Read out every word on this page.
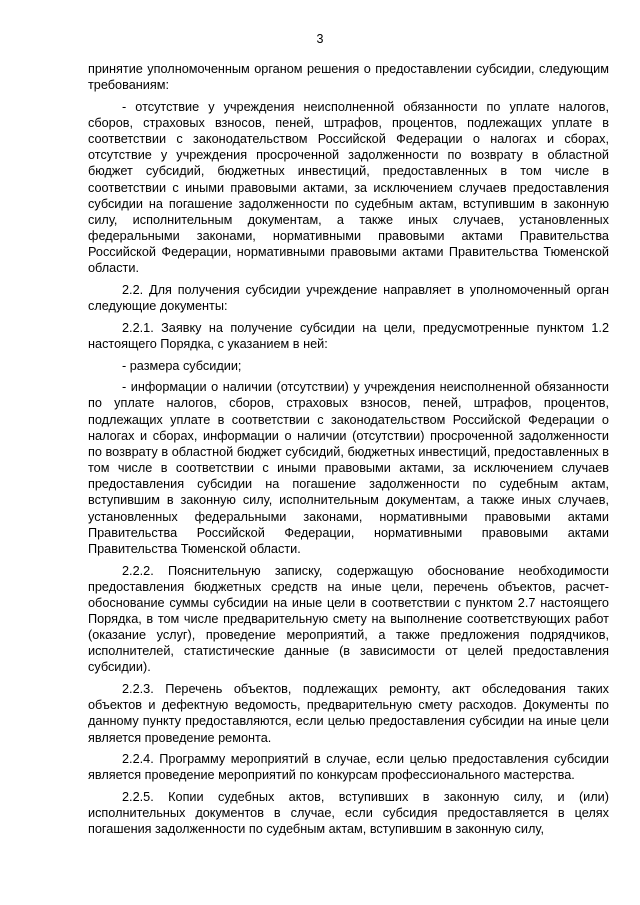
3

принятие уполномоченным органом решения о предоставлении субсидии, следующим требованиям:

- отсутствие у учреждения неисполненной обязанности по уплате налогов, сборов, страховых взносов, пеней, штрафов, процентов, подлежащих уплате в соответствии с законодательством Российской Федерации о налогах и сборах, отсутствие у учреждения просроченной задолженности по возврату в областной бюджет субсидий, бюджетных инвестиций, предоставленных в том числе в соответствии с иными правовыми актами, за исключением случаев предоставления субсидии на погашение задолженности по судебным актам, вступившим в законную силу, исполнительным документам, а также иных случаев, установленных федеральными законами, нормативными правовыми актами Правительства Российской Федерации, нормативными правовыми актами Правительства Тюменской области.

2.2. Для получения субсидии учреждение направляет в уполномоченный орган следующие документы:

2.2.1. Заявку на получение субсидии на цели, предусмотренные пунктом 1.2 настоящего Порядка, с указанием в ней:

- размера субсидии;

- информации о наличии (отсутствии) у учреждения неисполненной обязанности по уплате налогов, сборов, страховых взносов, пеней, штрафов, процентов, подлежащих уплате в соответствии с законодательством Российской Федерации о налогах и сборах, информации о наличии (отсутствии) просроченной задолженности по возврату в областной бюджет субсидий, бюджетных инвестиций, предоставленных в том числе в соответствии с иными правовыми актами, за исключением случаев предоставления субсидии на погашение задолженности по судебным актам, вступившим в законную силу, исполнительным документам, а также иных случаев, установленных федеральными законами, нормативными правовыми актами Правительства Российской Федерации, нормативными правовыми актами Правительства Тюменской области.

2.2.2. Пояснительную записку, содержащую обоснование необходимости предоставления бюджетных средств на иные цели, перечень объектов, расчет-обоснование суммы субсидии на иные цели в соответствии с пунктом 2.7 настоящего Порядка, в том числе предварительную смету на выполнение соответствующих работ (оказание услуг), проведение мероприятий, а также предложения подрядчиков, исполнителей, статистические данные (в зависимости от целей предоставления субсидии).

2.2.3. Перечень объектов, подлежащих ремонту, акт обследования таких объектов и дефектную ведомость, предварительную смету расходов. Документы по данному пункту предоставляются, если целью предоставления субсидии на иные цели является проведение ремонта.

2.2.4. Программу мероприятий в случае, если целью предоставления субсидии является проведение мероприятий по конкурсам профессионального мастерства.

2.2.5. Копии судебных актов, вступивших в законную силу, и (или) исполнительных документов в случае, если субсидия предоставляется в целях погашения задолженности по судебным актам, вступившим в законную силу,
